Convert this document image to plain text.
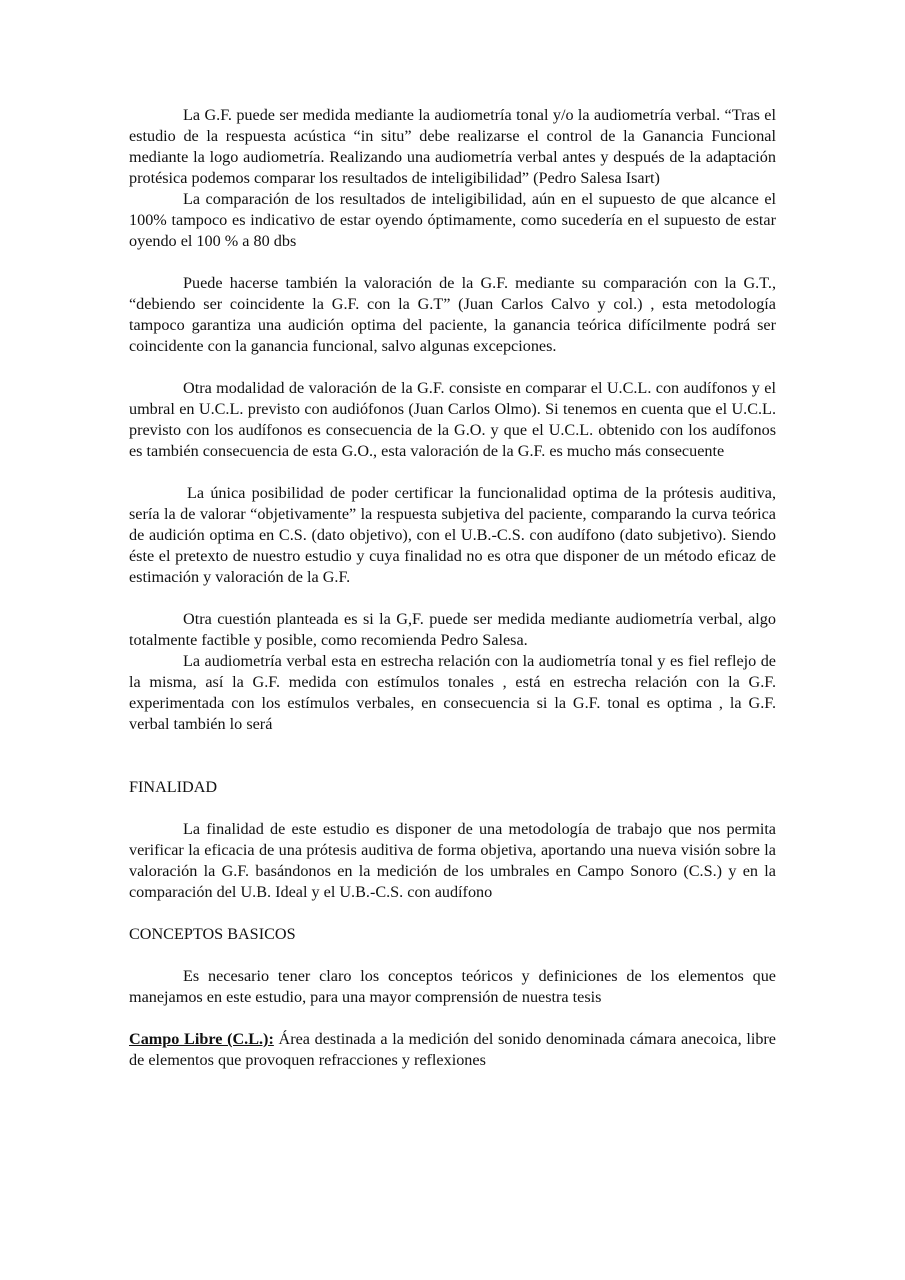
La G.F. puede ser medida mediante la audiometría tonal y/o la audiometría verbal. “Tras el estudio de la respuesta acústica “in situ” debe realizarse el control de la Ganancia Funcional mediante la logo audiometría. Realizando una audiometría verbal antes y después de la adaptación protésica podemos comparar los resultados de inteligibilidad” (Pedro Salesa Isart)

La comparación de los resultados de inteligibilidad, aún en el supuesto de que alcance el 100% tampoco es indicativo de estar oyendo óptimamente, como sucedería en el supuesto de estar oyendo el 100 % a 80 dbs

Puede hacerse también la valoración de la G.F. mediante su comparación con la G.T., “debiendo ser coincidente la G.F. con la G.T” (Juan Carlos Calvo y col.) , esta metodología tampoco garantiza una audición optima del paciente, la ganancia teórica difícilmente podrá ser coincidente con la ganancia funcional, salvo algunas excepciones.

Otra modalidad de valoración de la G.F. consiste en comparar el U.C.L. con audífonos y el umbral en U.C.L. previsto con audiófonos (Juan Carlos Olmo). Si tenemos en cuenta que el U.C.L. previsto con los audífonos es consecuencia de la G.O. y que el U.C.L. obtenido con los audífonos es también consecuencia de esta G.O., esta valoración de la G.F. es mucho más consecuente

La única posibilidad de poder certificar la funcionalidad optima de la prótesis auditiva, sería la de valorar “objetivamente” la respuesta subjetiva del paciente, comparando la curva teórica de audición optima en C.S. (dato objetivo), con el U.B.-C.S. con audífono (dato subjetivo). Siendo éste el pretexto de nuestro estudio y cuya finalidad no es otra que disponer de un método eficaz de estimación y valoración de la G.F.

Otra cuestión planteada es si la G,F. puede ser medida mediante audiometría verbal, algo totalmente factible y posible, como recomienda Pedro Salesa.

La audiometría verbal esta en estrecha relación con la audiometría tonal y es fiel reflejo de la misma, así la G.F. medida con estímulos tonales , está en estrecha relación con la G.F. experimentada con los estímulos verbales, en consecuencia si la G.F. tonal es optima , la G.F. verbal también lo será

FINALIDAD

La finalidad de este estudio es disponer de una metodología de trabajo que nos permita verificar la eficacia de una prótesis auditiva de forma objetiva, aportando una nueva visión sobre la valoración la G.F. basándonos en la medición de los umbrales en Campo Sonoro (C.S.) y en la comparación del U.B. Ideal y el U.B.-C.S. con audífono

CONCEPTOS BASICOS

Es necesario tener claro los conceptos teóricos y definiciones de los elementos que manejamos en este estudio, para una mayor comprensión de nuestra tesis

Campo Libre (C.L.): Área destinada a la medición del sonido denominada cámara anecoica, libre de elementos que provoquen refracciones y reflexiones
